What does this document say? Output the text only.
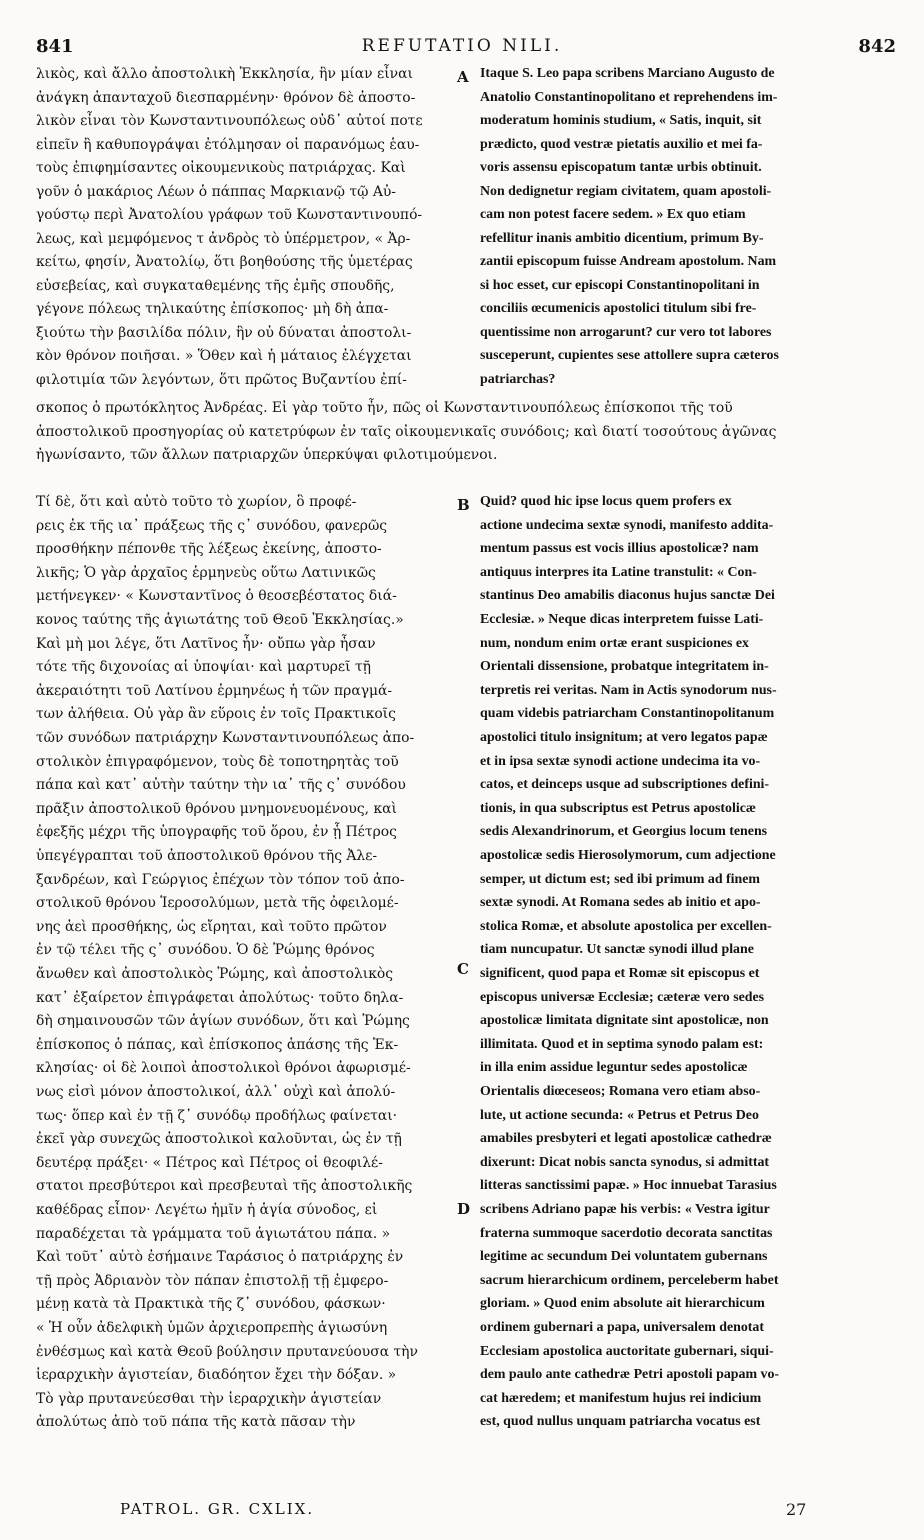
REFUTATIO NILI.
841	842
A
B
C
D
λικὸς, καὶ ἄλλο ἀποστολικὴ Ἐκκλησία, ἣν μίαν εἶναι
ἀνάγκη ἁπανταχοῦ διεσπαρμένην· θρόνον δὲ ἀποστο-
λικὸν εἶναι τὸν Κωνσταντινουπόλεως οὐδ᾽ αὐτοί ποτε
εἰπεῖν ἢ καθυπογράψαι ἐτόλμησαν οἱ παρανόμως ἑαυ-
τοὺς ἐπιφημίσαντες οἰκουμενικοὺς πατριάρχας. Καὶ
γοῦν ὁ μακάριος Λέων ὁ πάππας Μαρκιανῷ τῷ Αὐ-
γούστῳ περὶ Ἀνατολίου γράφων τοῦ Κωνσταντινουπό-
λεως, καὶ μεμφόμενος τ ἀνδρὸς τὸ ὑπέρμετρον, « Ἀρ-
κείτω, φησίν, Ἀνατολίῳ, ὅτι βοηθούσης τῆς ὑμετέρας
εὐσεβείας, καὶ συγκαταθεμένης τῆς ἐμῆς σπουδῆς,
γέγονε πόλεως τηλικαύτης ἐπίσκοπος· μὴ δὴ ἀπα-
ξιούτω τὴν βασιλίδα πόλιν, ἣν οὐ δύναται ἀποστολι-
κὸν θρόνον ποιῆσαι. » Ὅθεν καὶ ἡ μάταιος ἐλέγχεται
φιλοτιμία τῶν λεγόντων, ὅτι πρῶτος Βυζαντίου ἐπί-
Itaque S. Leo papa scribens Marciano Augusto de
Anatolio Constantinopolitano et reprehendens im-
moderatum hominis studium, « Satis, inquit, sit
prædicto, quod vestræ pietatis auxilio et mei fa-
voris assensu episcopatum tantæ urbis obtinuit.
Non dedignetur regiam civitatem, quam apostoli-
cam non potest facere sedem. » Ex quo etiam
refellitur inanis ambitio dicentium, primum By-
zantii episcopum fuisse Andream apostolum. Nam
si hoc esset, cur episcopi Constantinopolitani in
conciliis œcumenicis apostolici titulum sibi fre-
quentissime non arrogarunt? cur vero tot labores
susceperunt, cupientes sese attollere supra cæteros
patriarchas?
σκοπος ὁ πρωτόκλητος Ἀνδρέας. Εἰ γὰρ τοῦτο ἦν, πῶς οἱ Κωνσταντινουπόλεως ἐπίσκοποι τῆς τοῦ
ἀποστολικοῦ προσηγορίας οὐ κατετρύφων ἐν ταῖς οἰκουμενικαῖς συνόδοις; καὶ διατί τοσούτους ἀγῶνας
ἠγωνίσαντο, τῶν ἄλλων πατριαρχῶν ὑπερκύψαι φιλοτιμούμενοι.
Τί δὲ, ὅτι καὶ αὐτὸ τοῦτο τὸ χωρίον, ὃ προφέ-
ρεις ἐκ τῆς ια᾽ πράξεως τῆς ς᾽ συνόδου, φανερῶς
προσθήκην πέπονθε τῆς λέξεως ἐκείνης, ἀποστο-
λικῆς; Ὁ γὰρ ἀρχαῖος ἑρμηνεὺς οὕτω Λατινικῶς
μετήνεγκεν· « Κωνσταντῖνος ὁ θεοσεβέστατος διά-
κονος ταύτης τῆς ἁγιωτάτης τοῦ Θεοῦ Ἐκκλησίας.»
Καὶ μὴ μοι λέγε, ὅτι Λατῖνος ἦν· οὔπω γὰρ ἦσαν
τότε τῆς διχονοίας αἱ ὑποψίαι· καὶ μαρτυρεῖ τῇ
ἀκεραιότητι τοῦ Λατίνου ἑρμηνέως ἡ τῶν πραγμά-
των ἀλήθεια. Οὐ γὰρ ἂν εὕροις ἐν τοῖς Πρακτικοῖς
τῶν συνόδων πατριάρχην Κωνσταντινουπόλεως ἀπο-
στολικὸν ἐπιγραφόμενον, τοὺς δὲ τοποτηρητὰς τοῦ
πάπα καὶ κατ᾽ αὐτὴν ταύτην τὴν ια᾽ τῆς ς᾽ συνόδου
πρᾶξιν ἀποστολικοῦ θρόνου μνημονευομένους, καὶ
ἐφεξῆς μέχρι τῆς ὑπογραφῆς τοῦ ὅρου, ἐν ᾗ Πέτρος
ὑπεγέγραπται τοῦ ἀποστολικοῦ θρόνου τῆς Ἀλε-
ξανδρέων, καὶ Γεώργιος ἐπέχων τὸν τόπον τοῦ ἀπο-
στολικοῦ θρόνου Ἱεροσολύμων, μετὰ τῆς ὀφειλομέ-
νης ἀεὶ προσθήκης, ὡς εἴρηται, καὶ τοῦτο πρῶτον
ἐν τῷ τέλει τῆς ς᾽ συνόδου. Ὁ δὲ Ῥώμης θρόνος
ἄνωθεν καὶ ἀποστολικὸς Ῥώμης, καὶ ἀποστολικὸς
κατ᾽ ἐξαίρετον ἐπιγράφεται ἀπολύτως· τοῦτο δηλα-
δὴ σημαινουσῶν τῶν ἁγίων συνόδων, ὅτι καὶ Ῥώμης
ἐπίσκοπος ὁ πάπας, καὶ ἐπίσκοπος ἁπάσης τῆς Ἐκ-
κλησίας· οἱ δὲ λοιποὶ ἀποστολικοὶ θρόνοι ἀφωρισμέ-
νως εἰσὶ μόνον ἀποστολικοί, ἀλλ᾽ οὐχὶ καὶ ἀπολύ-
τως· ὅπερ καὶ ἐν τῇ ζ᾽ συνόδῳ προδήλως φαίνεται·
ἐκεῖ γὰρ συνεχῶς ἀποστολικοὶ καλοῦνται, ὡς ἐν τῇ
δευτέρᾳ πράξει· « Πέτρος καὶ Πέτρος οἱ θεοφιλέ-
στατοι πρεσβύτεροι καὶ πρεσβευταὶ τῆς ἀποστολικῆς
καθέδρας εἶπον· Λεγέτω ἡμῖν ἡ ἁγία σύνοδος, εἰ
παραδέχεται τὰ γράμματα τοῦ ἁγιωτάτου πάπα. »
Καὶ τοῦτ᾽ αὐτὸ ἐσήμαινε Ταράσιος ὁ πατριάρχης ἐν
τῇ πρὸς Ἀδριανὸν τὸν πάπαν ἐπιστολῇ τῇ ἐμφερο-
μένῃ κατὰ τὰ Πρακτικὰ τῆς ζ᾽ συνόδου, φάσκων·
« Ἡ οὖν ἀδελφικὴ ὑμῶν ἀρχιεροπρεπὴς ἁγιωσύνη
ἐνθέσμως καὶ κατὰ Θεοῦ βούλησιν πρυτανεύουσα τὴν
ἱεραρχικὴν ἁγιστείαν, διαδόητον ἔχει τὴν δόξαν. »
Τὸ γὰρ πρυτανεύεσθαι τὴν ἱεραρχικὴν ἁγιστείαν
ἀπολύτως ἀπὸ τοῦ πάπα τῆς κατὰ πᾶσαν τὴν
Quid? quod hic ipse locus quem profers ex
actione undecima sextæ synodi, manifesto addita-
mentum passus est vocis illius apostolicæ? nam
antiquus interpres ita Latine transtulit: « Con-
stantinus Deo amabilis diaconus hujus sanctæ Dei
Ecclesiæ. » Neque dicas interpretem fuisse Lati-
num, nondum enim ortæ erant suspiciones ex
Orientali dissensione, probatque integritatem in-
terpretis rei veritas. Nam in Actis synodorum nus-
quam videbis patriarcham Constantinopolitanum
apostolici titulo insignitum; at vero legatos papæ
et in ipsa sextæ synodi actione undecima ita vo-
catos, et deinceps usque ad subscriptiones defini-
tionis, in qua subscriptus est Petrus apostolicæ
sedis Alexandrinorum, et Georgius locum tenens
apostolicæ sedis Hierosolymorum, cum adjectione
semper, ut dictum est; sed ibi primum ad finem
sextæ synodi. At Romana sedes ab initio et apo-
stolica Romæ, et absolute apostolica per excellen-
tiam nuncupatur. Ut sanctæ synodi illud plane
significent, quod papa et Romæ sit episcopus et
episcopus universæ Ecclesiæ; cæteræ vero sedes
apostolicæ limitata dignitate sint apostolicæ, non
illimitata. Quod et in septima synodo palam est:
in illa enim assidue leguntur sedes apostolicæ
Orientalis diœceseos; Romana vero etiam abso-
lute, ut actione secunda: « Petrus et Petrus Deo
amabiles presbyteri et legati apostolicæ cathedræ
dixerunt: Dicat nobis sancta synodus, si admittat
litteras sanctissimi papæ. » Hoc innuebat Tarasius
scribens Adriano papæ his verbis: « Vestra igitur
fraterna summoque sacerdotio decorata sanctitas
legitime ac secundum Dei voluntatem gubernans
sacrum hierarchicum ordinem, perceleberm habet
gloriam. » Quod enim absolute ait hierarchicum
ordinem gubernari a papa, universalem denotat
Ecclesiam apostolica auctoritate gubernari, siqui-
dem paulo ante cathedræ Petri apostoli papam vo-
cat hæredem; et manifestum hujus rei indicium
est, quod nullus unquam patriarcha vocatus est
PATROL. GR. CXLIX.	27
